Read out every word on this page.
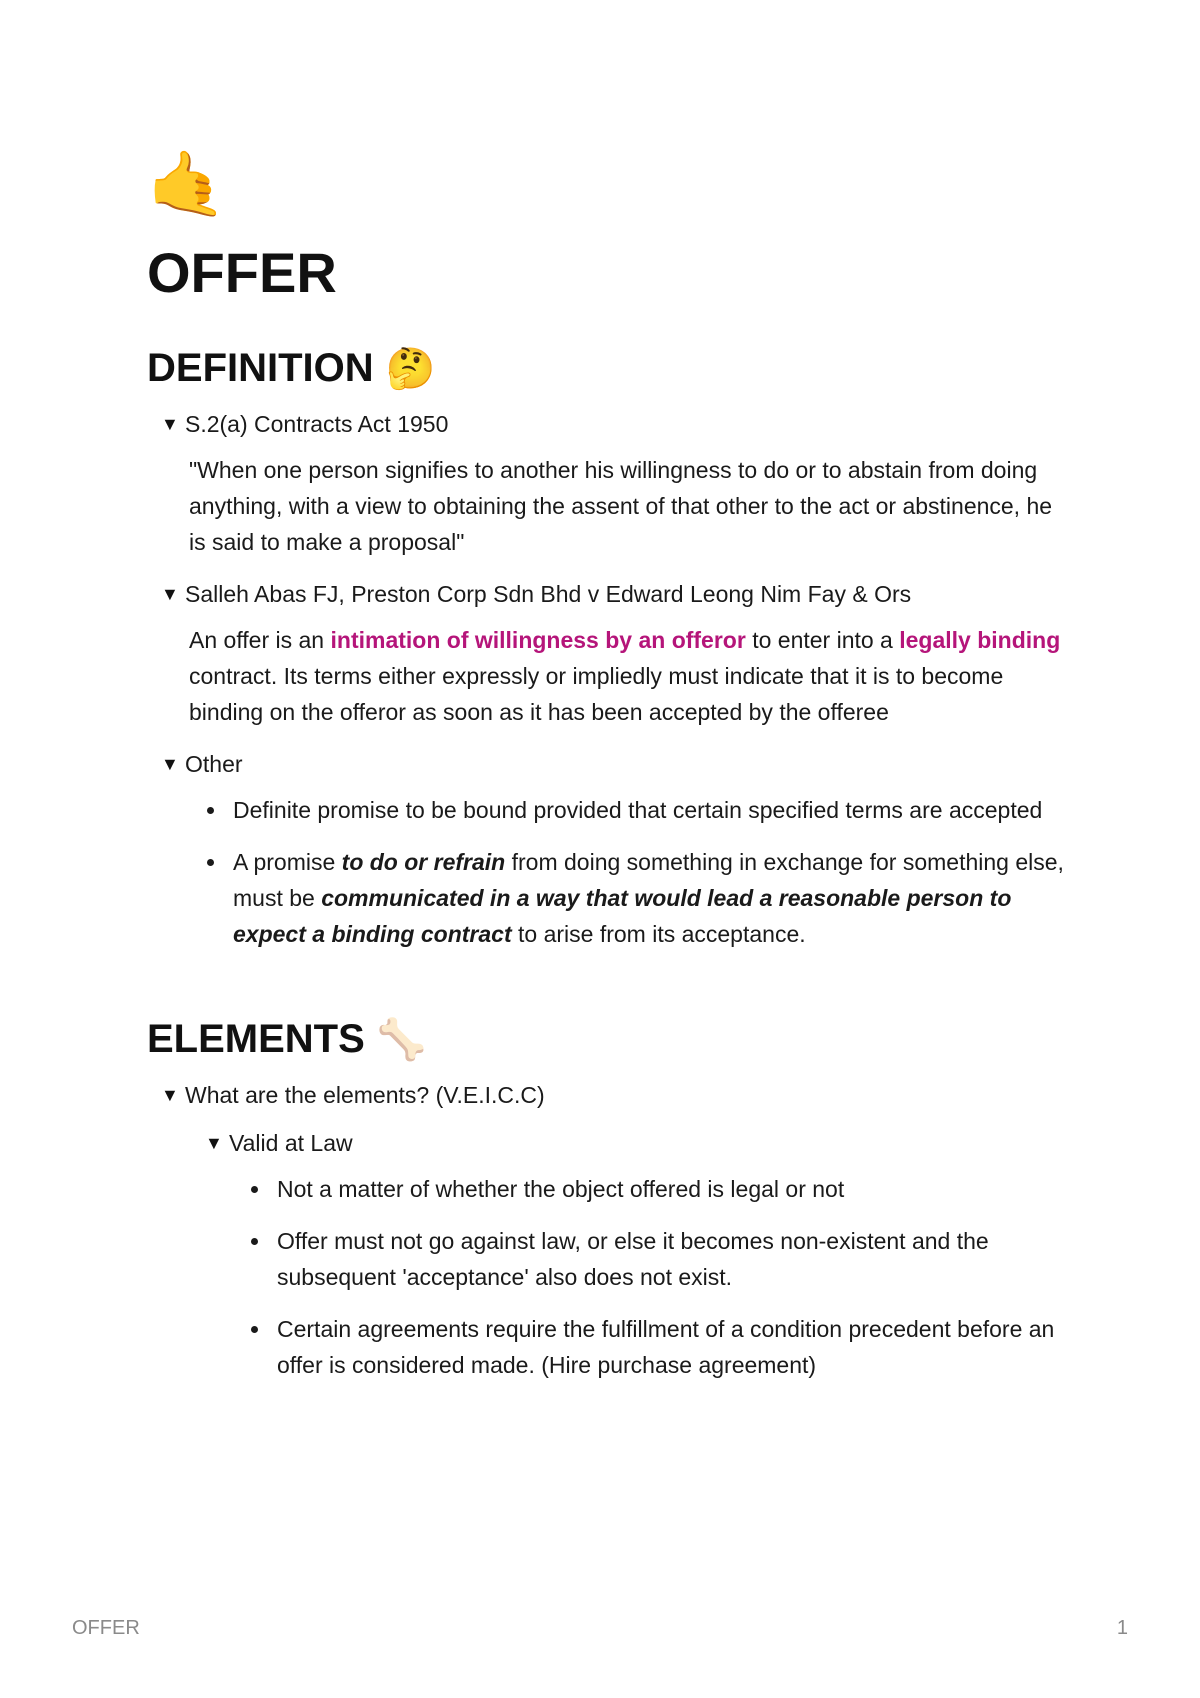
🤙
OFFER
DEFINITION 🤔
▼ S.2(a) Contracts Act 1950
"When one person signifies to another his willingness to do or to abstain from doing anything, with a view to obtaining the assent of that other to the act or abstinence, he is said to make a proposal"
▼ Salleh Abas FJ, Preston Corp Sdn Bhd v Edward Leong Nim Fay & Ors
An offer is an intimation of willingness by an offeror to enter into a legally binding contract. Its terms either expressly or impliedly must indicate that it is to become binding on the offeror as soon as it has been accepted by the offeree
▼ Other
Definite promise to be bound provided that certain specified terms are accepted
A promise to do or refrain from doing something in exchange for something else, must be communicated in a way that would lead a reasonable person to expect a binding contract to arise from its acceptance.
ELEMENTS 🦴
▼ What are the elements? (V.E.I.C.C)
▼ Valid at Law
Not a matter of whether the object offered is legal or not
Offer must not go against law, or else it becomes non-existent and the subsequent 'acceptance' also does not exist.
Certain agreements require the fulfillment of a condition precedent before an offer is considered made. (Hire purchase agreement)
OFFER	1
